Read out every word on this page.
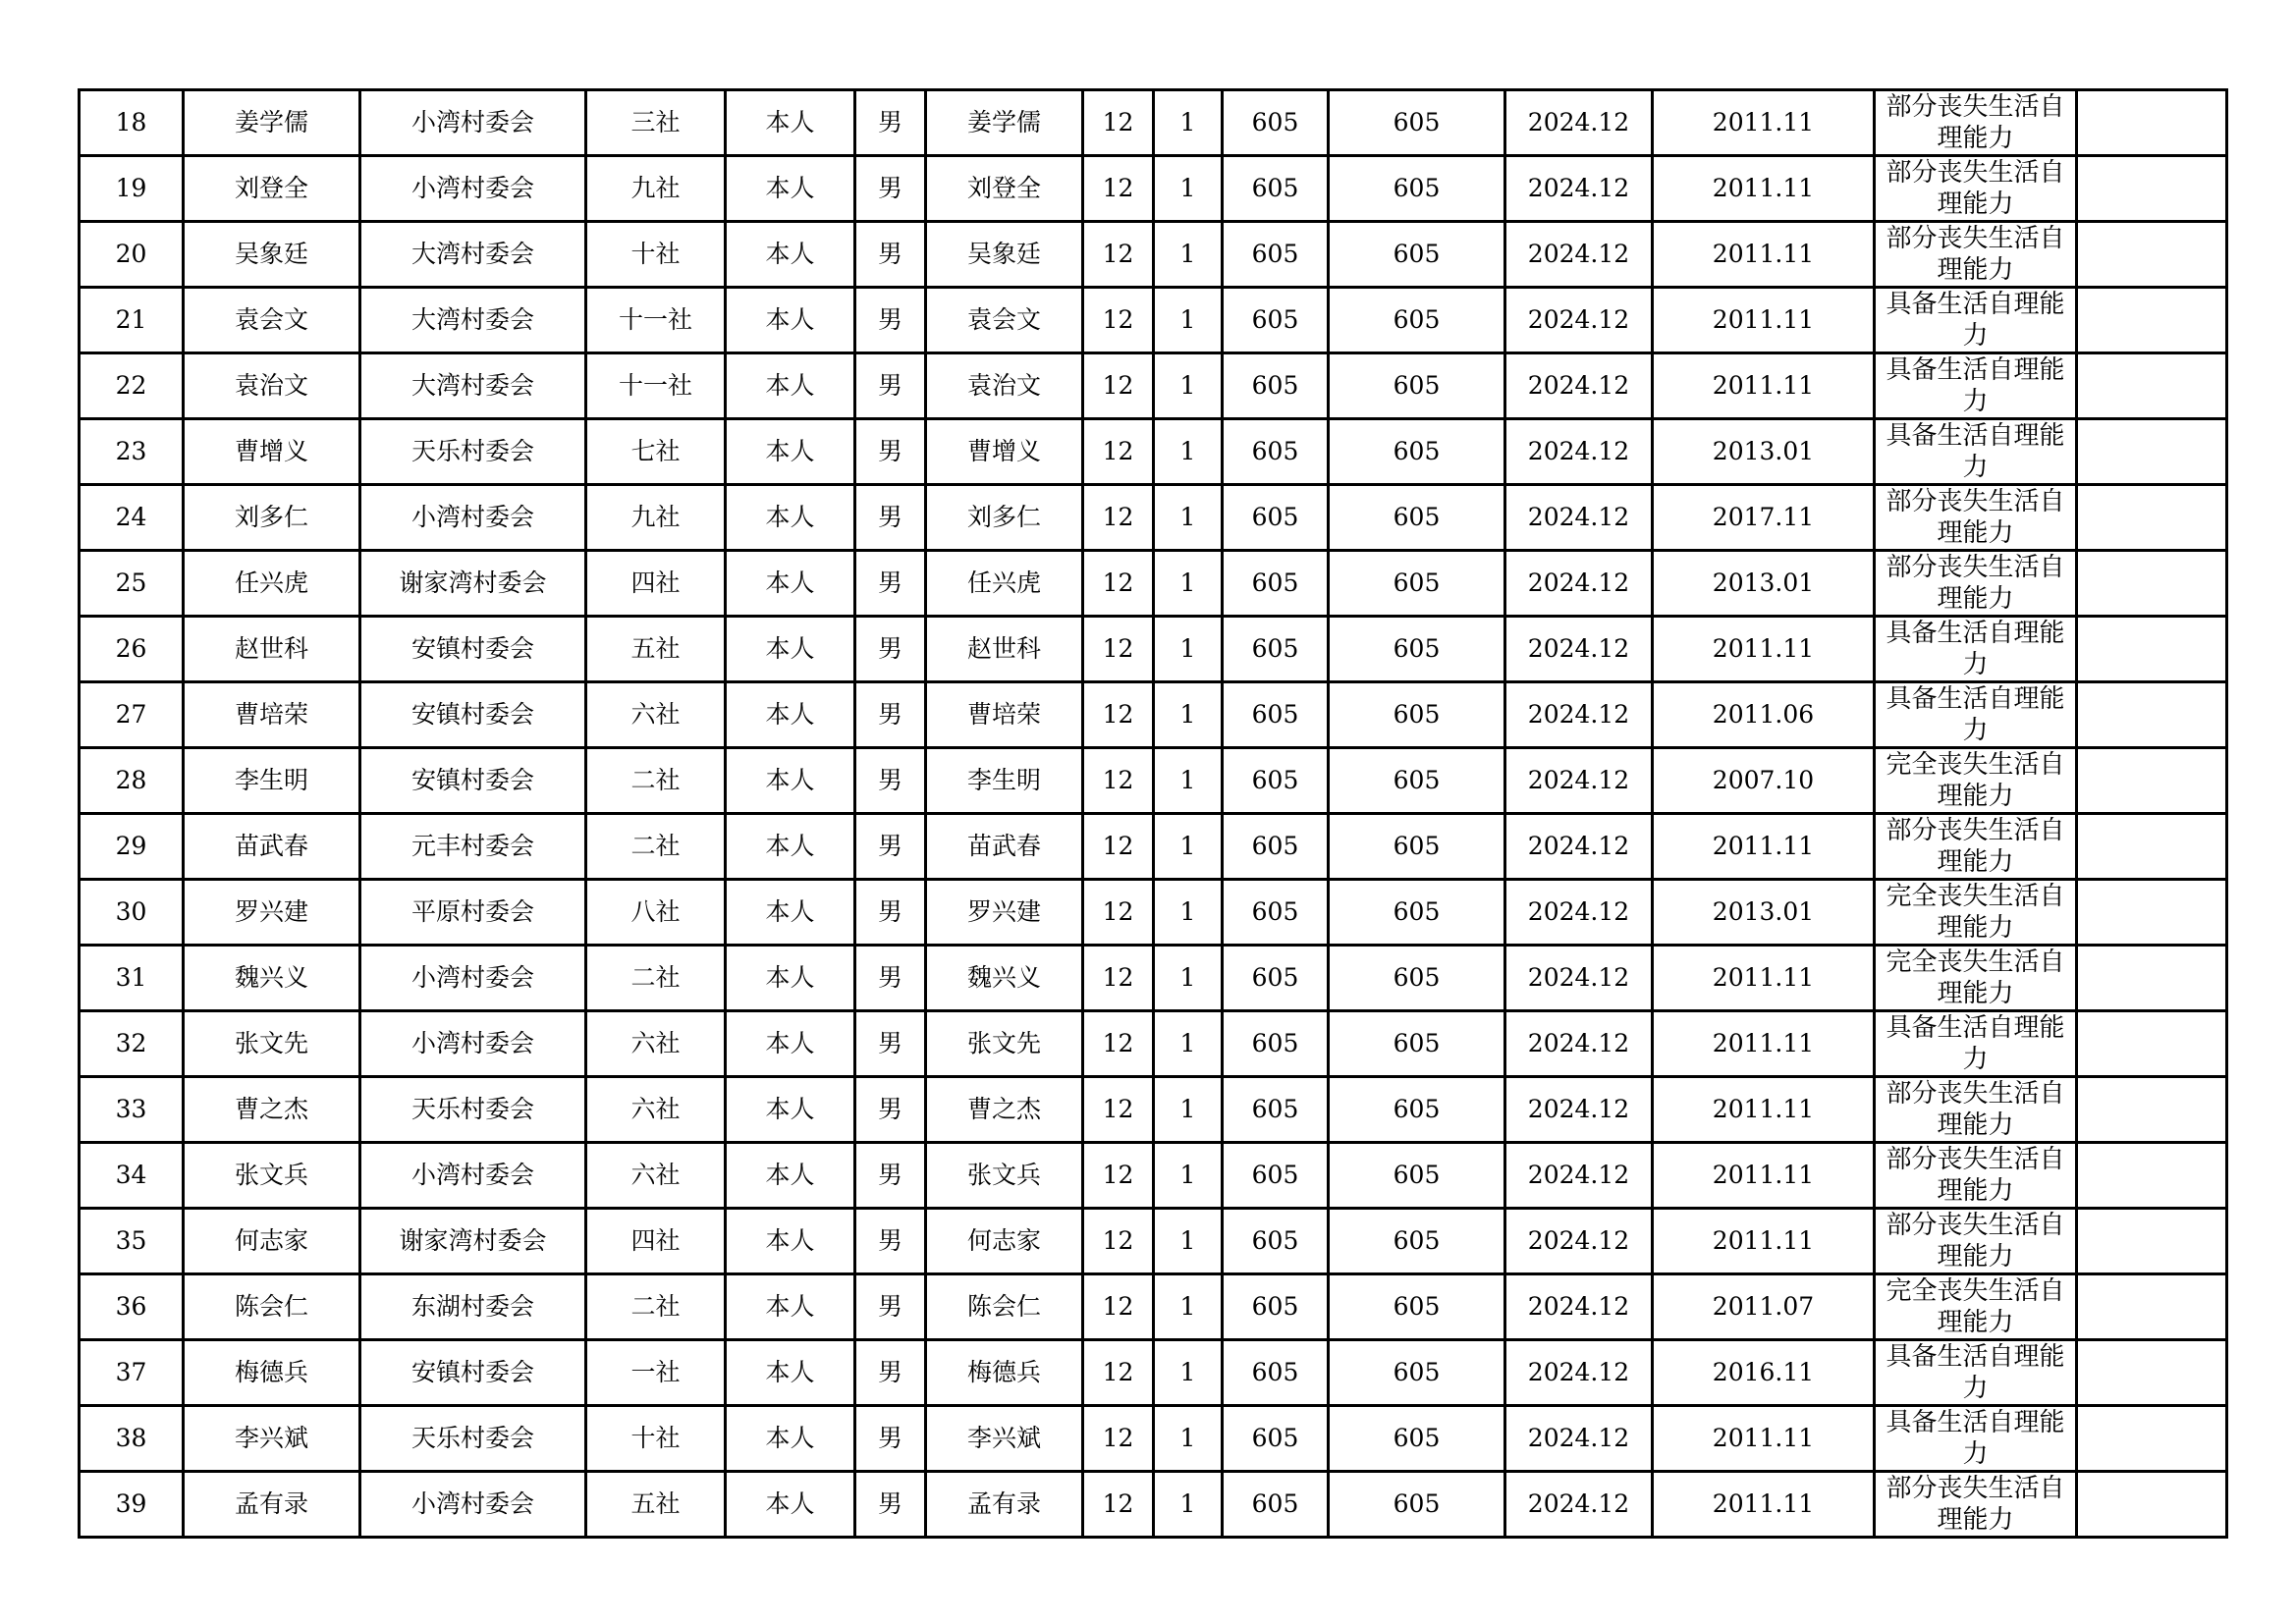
18	姜学儒	小湾村委会	三社	本人	男	姜学儒	12	1	605	605	2024.12	2011.11	部分丧失生活自理能力	
19	刘登全	小湾村委会	九社	本人	男	刘登全	12	1	605	605	2024.12	2011.11	部分丧失生活自理能力	
20	吴象廷	大湾村委会	十社	本人	男	吴象廷	12	1	605	605	2024.12	2011.11	部分丧失生活自理能力	
21	袁会文	大湾村委会	十一社	本人	男	袁会文	12	1	605	605	2024.12	2011.11	具备生活自理能力	
22	袁治文	大湾村委会	十一社	本人	男	袁治文	12	1	605	605	2024.12	2011.11	具备生活自理能力	
23	曹增义	天乐村委会	七社	本人	男	曹增义	12	1	605	605	2024.12	2013.01	具备生活自理能力	
24	刘多仁	小湾村委会	九社	本人	男	刘多仁	12	1	605	605	2024.12	2017.11	部分丧失生活自理能力	
25	任兴虎	谢家湾村委会	四社	本人	男	任兴虎	12	1	605	605	2024.12	2013.01	部分丧失生活自理能力	
26	赵世科	安镇村委会	五社	本人	男	赵世科	12	1	605	605	2024.12	2011.11	具备生活自理能力	
27	曹培荣	安镇村委会	六社	本人	男	曹培荣	12	1	605	605	2024.12	2011.06	具备生活自理能力	
28	李生明	安镇村委会	二社	本人	男	李生明	12	1	605	605	2024.12	2007.10	完全丧失生活自理能力	
29	苗武春	元丰村委会	二社	本人	男	苗武春	12	1	605	605	2024.12	2011.11	部分丧失生活自理能力	
30	罗兴建	平原村委会	八社	本人	男	罗兴建	12	1	605	605	2024.12	2013.01	完全丧失生活自理能力	
31	魏兴义	小湾村委会	二社	本人	男	魏兴义	12	1	605	605	2024.12	2011.11	完全丧失生活自理能力	
32	张文先	小湾村委会	六社	本人	男	张文先	12	1	605	605	2024.12	2011.11	具备生活自理能力	
33	曹之杰	天乐村委会	六社	本人	男	曹之杰	12	1	605	605	2024.12	2011.11	部分丧失生活自理能力	
34	张文兵	小湾村委会	六社	本人	男	张文兵	12	1	605	605	2024.12	2011.11	部分丧失生活自理能力	
35	何志家	谢家湾村委会	四社	本人	男	何志家	12	1	605	605	2024.12	2011.11	部分丧失生活自理能力	
36	陈会仁	东湖村委会	二社	本人	男	陈会仁	12	1	605	605	2024.12	2011.07	完全丧失生活自理能力	
37	梅德兵	安镇村委会	一社	本人	男	梅德兵	12	1	605	605	2024.12	2016.11	具备生活自理能力	
38	李兴斌	天乐村委会	十社	本人	男	李兴斌	12	1	605	605	2024.12	2011.11	具备生活自理能力	
39	孟有录	小湾村委会	五社	本人	男	孟有录	12	1	605	605	2024.12	2011.11	部分丧失生活自理能力	
